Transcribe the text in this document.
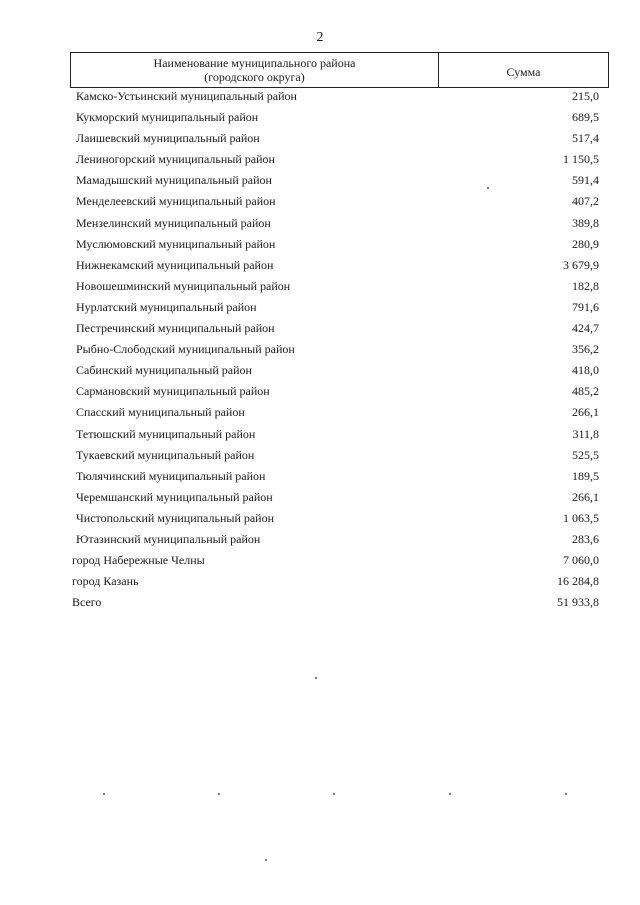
2
Наименование муниципального района
(городского округа)	Сумма
Камско-Устьинский муниципальный район	215,0
Кукморский муниципальный район	689,5
Лаишевский муниципальный район	517,4
Лениногорский муниципальный район	1 150,5
Мамадышский муниципальный район	591,4
Менделеевский муниципальный район	407,2
Мензелинский муниципальный район	389,8
Муслюмовский муниципальный район	280,9
Нижнекамский муниципальный район	3 679,9
Новошешминский муниципальный район	182,8
Нурлатский муниципальный район	791,6
Пестречинский муниципальный район	424,7
Рыбно-Слободский муниципальный район	356,2
Сабинский муниципальный район	418,0
Сармановский муниципальный район	485,2
Спасский муниципальный район	266,1
Тетюшский муниципальный район	311,8
Тукаевский муниципальный район	525,5
Тюлячинский муниципальный район	189,5
Черемшанский муниципальный район	266,1
Чистопольский муниципальный район	1 063,5
Ютазинский муниципальный район	283,6
город Набережные Челны	7 060,0
город Казань	16 284,8
Всего	51 933,8
